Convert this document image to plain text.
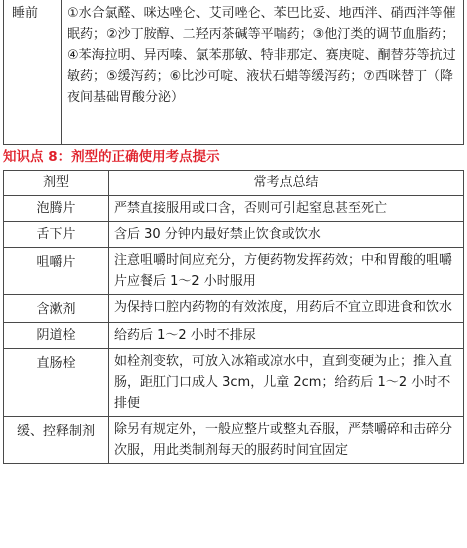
睡前	①水合氯醛、咪达唑仑、艾司唑仑、苯巴比妥、地西泮、硝西泮等催眠药；②沙丁胺醇、二羟丙茶碱等平喘药；③他汀类的调节血脂药；④苯海拉明、异丙嗪、氯苯那敏、特非那定、赛庚啶、酮替芬等抗过敏药；⑤缓泻药；⑥比沙可啶、液状石蜡等缓泻药；⑦西咪替丁（降夜间基础胃酸分泌）
知识点 8：剂型的正确使用考点提示
剂型	常考点总结
泡腾片	严禁直接服用或口含，否则可引起窒息甚至死亡
舌下片	含后 30 分钟内最好禁止饮食或饮水
咀嚼片	注意咀嚼时间应充分，方便药物发挥药效；中和胃酸的咀嚼片应餐后 1～2 小时服用
含漱剂	为保持口腔内药物的有效浓度，用药后不宜立即进食和饮水
阴道栓	给药后 1～2 小时不排尿
直肠栓	如栓剂变软，可放入冰箱或凉水中，直到变硬为止；推入直肠，距肛门口成人 3cm，儿童 2cm；给药后 1～2 小时不排便
缓、控释制剂	除另有规定外，一般应整片或整丸吞服，严禁嚼碎和击碎分次服，用此类制剂每天的服药时间宜固定
